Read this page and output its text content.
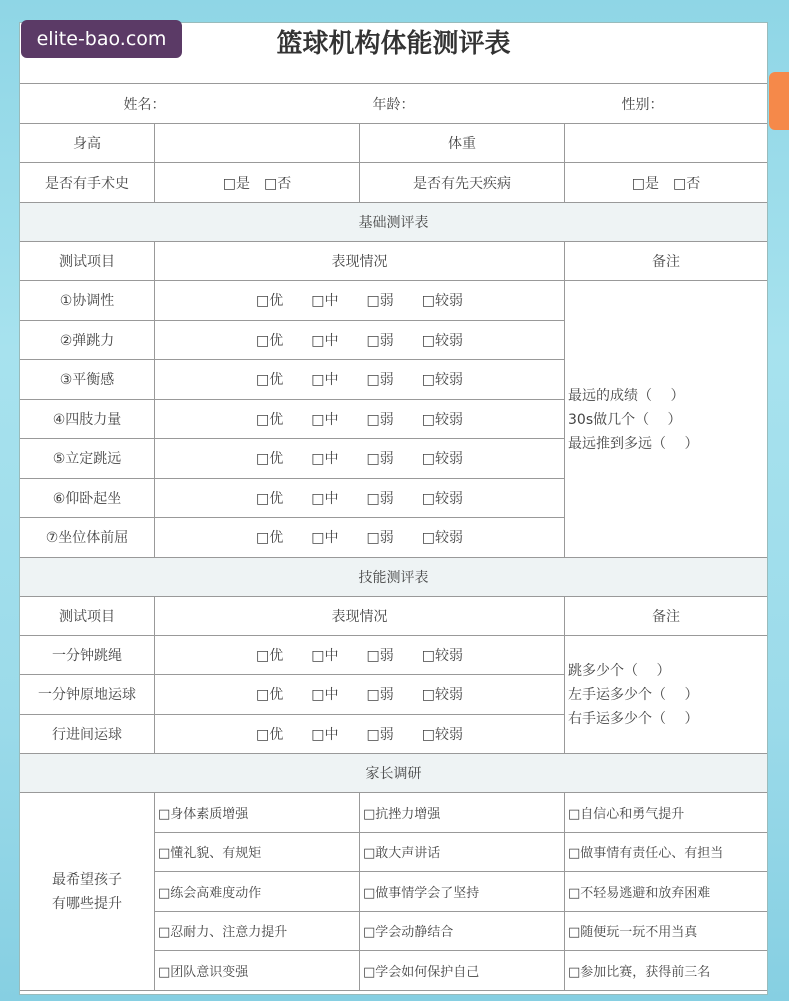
elite-bao.com	篮球机构体能测评表
姓名：	年龄：	性别：
身高	体重
是否有手术史	□是 □否	是否有先天疾病	□是 □否
基础测评表
测试项目	表现情况	备注
①协调性	□优 □中 □弱 □较弱
②弹跳力	□优 □中 □弱 □较弱
③平衡感	□优 □中 □弱 □较弱
④四肢力量	□优 □中 □弱 □较弱
⑤立定跳远	□优 □中 □弱 □较弱
⑥仰卧起坐	□优 □中 □弱 □较弱
⑦坐位体前屈	□优 □中 □弱 □较弱
最远的成绩（　 ）
30s做几个（　 ）
最远推到多远（　 ）
技能测评表
测试项目	表现情况	备注
一分钟跳绳	□优 □中 □弱 □较弱
一分钟原地运球	□优 □中 □弱 □较弱
行进间运球	□优 □中 □弱 □较弱
跳多少个（　 ）
左手运多少个（　 ）
右手运多少个（　 ）
家长调研
最希望孩子
有哪些提升
□身体素质增强	□抗挫力增强	□自信心和勇气提升
□懂礼貌、有规矩	□敢大声讲话	□做事情有责任心、有担当
□练会高难度动作	□做事情学会了坚持	□不轻易逃避和放弃困难
□忍耐力、注意力提升	□学会动静结合	□随便玩一玩不用当真
□团队意识变强	□学会如何保护自己	□参加比赛，获得前三名
